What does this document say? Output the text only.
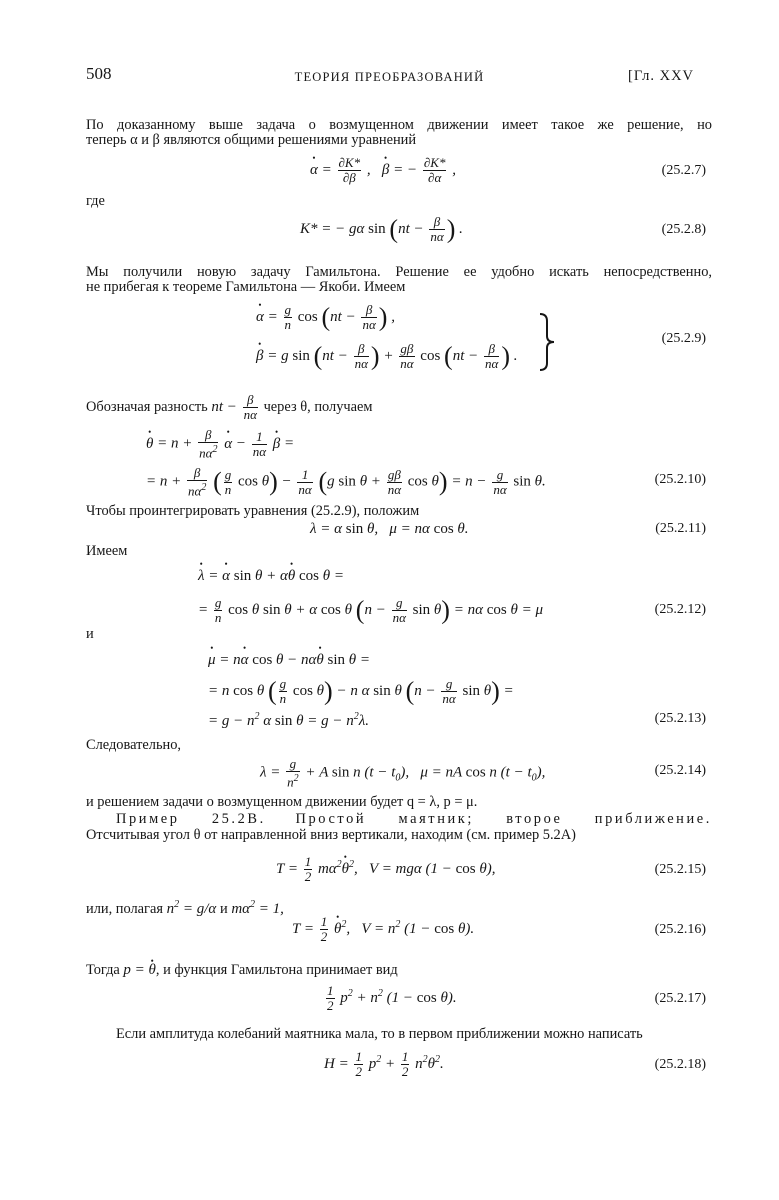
508	ТЕОРИЯ ПРЕОБРАЗОВАНИЙ	[Гл. XXV
По доказанному выше задача о возмущенном движении имеет такое же решение, но
теперь α и β являются общими решениями уравнений
• $\alpha = \frac{\partial K*}{\partial\beta}$ ,   • β = − $\frac{\partial K*}{\partial\alpha}$ ,	(25.2.7)
где
K* = − gα $\sin (nt - \frac{\beta}{n\alpha}$ ) .	(25.2.8)
Мы получили новую задачу Гамильтона. Решение ее удобно искать непосредственно,
не прибегая к теореме Гамильтона — Якоби. Имеем
• $\alpha = \frac{g}{n}$ $\cos (nt - \frac{\beta}{n\alpha}$ ) ,
• β = g $\sin (nt - \frac{\beta}{n\alpha}$ ) + $\frac{g\beta}{n\alpha}$ $\cos (nt - \frac{\beta}{n\alpha}$ ) .
(25.2.9)
Обозначая разность nt − $\frac{\beta}{n\alpha}$ через θ, получаем
• $\theta = n + \frac{\beta}{n\alpha^2}$ • $\alpha - \frac{1}{n\alpha}$ • β =
= $n + \frac{\beta}{n\alpha^2}$ ( $\frac{g}{n}$ $\cos \theta) - \frac{1}{n\alpha} (g$ $\sin \theta + \frac{g\beta}{n\alpha}$ $\cos \theta) = n - \frac{g}{n\alpha}$ sin θ.	(25.2.10)
Чтобы проинтегрировать уравнения (25.2.9), положим
λ = α sin θ,   μ = nα cos θ.	(25.2.11)
Имеем
• λ = • α sin θ + α• θ cos θ =
= $\frac{g}{n}$ cos θ sin θ + α cos θ ($n - \frac{g}{n\alpha}$ sin θ) = nα cos θ = μ	(25.2.12)
и
• μ = n• α cos θ − nα• θ sin θ =
= n cos θ ( $\frac{g}{n}$ cos θ) − n α sin θ ($n - \frac{g}{n\alpha}$ sin θ) =
= $g - n^2$ α $\sin \theta = g - n^2\lambda$.	(25.2.13)
Следовательно,
$\lambda = \frac{g}{n^2} + A$ sin n $(t - t_0)$,   μ = nA cos n $(t - t_0)$,	(25.2.14)
и решением задачи о возмущенном движении будет q = λ, p = μ.
Пример 25.2В. Простой маятник; второе приближение.
Отсчитывая угол θ от направленной вниз вертикали, находим (см. пример 5.2А)
$T = \frac{1}{2}$ $m\alpha^2•$ $\theta^2$,   V = mgα (1 − cos θ),	(25.2.15)
или, полагая $n^2 = g/\alpha$ и $m\alpha^2 = 1$,
$T = \frac{1}{2}$ • $\theta^2$,   $V = n^2$ (1 − cos θ).	(25.2.16)
Тогда p = • θ, и функция Гамильтона принимает вид
$\frac{1}{2} p^2 + n^2$ (1 − cos θ).	(25.2.17)
Если амплитуда колебаний маятника мала, то в первом приближении можно написать
$H = \frac{1}{2} p^2 + \frac{1}{2} n^2\theta^2$.	(25.2.18)
